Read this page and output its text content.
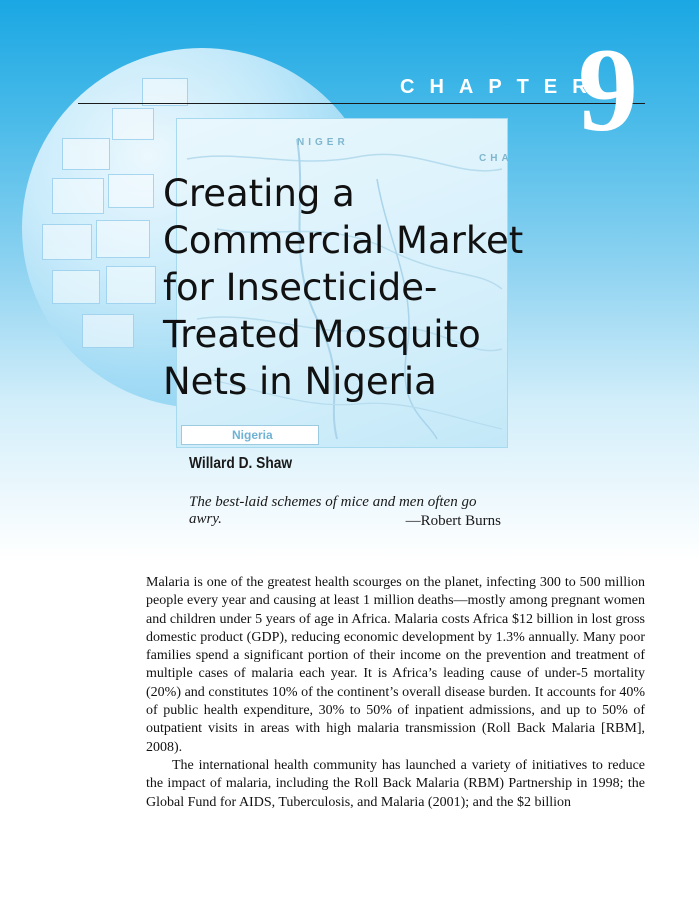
NIGER
CHA
Nigeria
CHAPTER
9
Creating a
Commercial Market
for Insecticide-
Treated Mosquito
Nets in Nigeria
Willard D. Shaw
The best-laid schemes of mice and men often go awry.	—Robert Burns

Malaria is one of the greatest health scourges on the planet, infecting 300 to 500 million people every year and causing at least 1 million deaths—mostly among pregnant women and children under 5 years of age in Africa. Malaria costs Africa $12 billion in lost gross domestic product (GDP), reducing economic development by 1.3% annually. Many poor families spend a significant portion of their income on the prevention and treatment of multiple cases of malaria each year. It is Africa’s leading cause of under-5 mortality (20%) and constitutes 10% of the continent’s overall disease burden. It accounts for 40% of public health expenditure, 30% to 50% of inpatient admissions, and up to 50% of outpatient visits in areas with high malaria transmission (Roll Back Malaria [RBM], 2008).

The international health community has launched a variety of initiatives to reduce the impact of malaria, including the Roll Back Malaria (RBM) Partnership in 1998; the Global Fund for AIDS, Tuberculosis, and Malaria (2001); and the $2 billion
